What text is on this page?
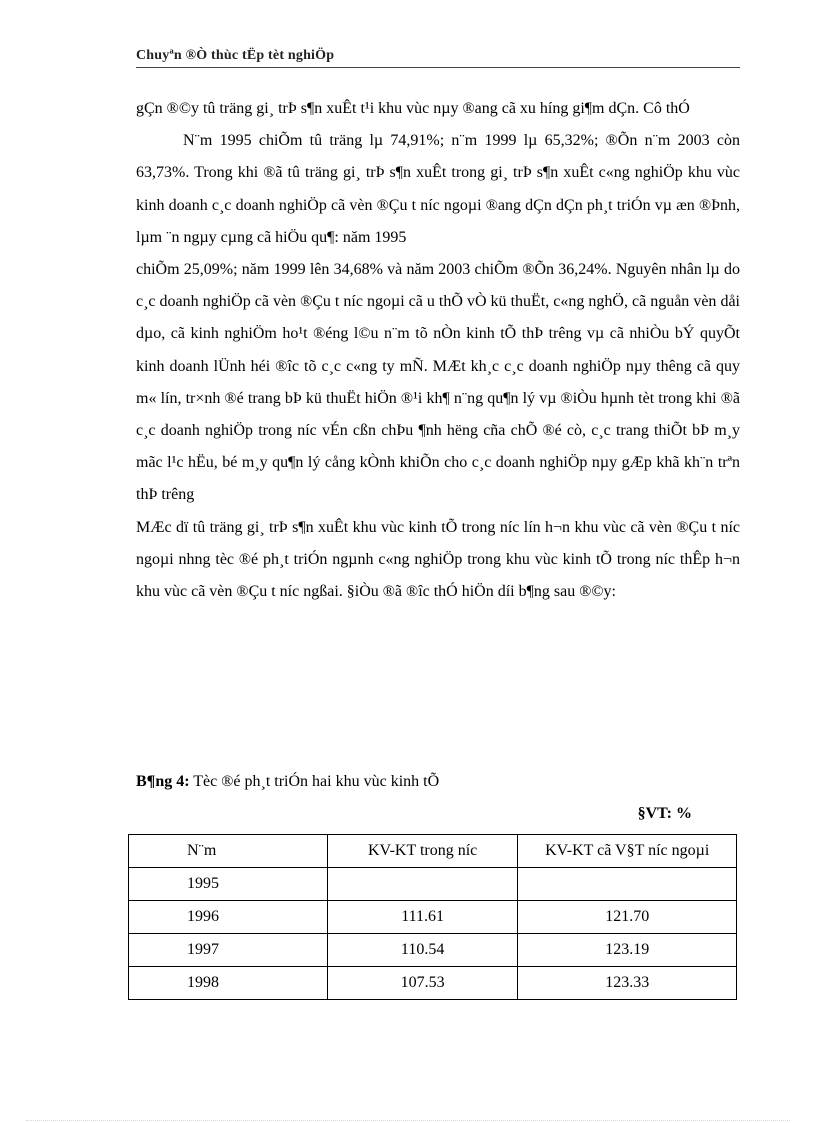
Chuyªn ®Ò thùc tËp tèt nghiÖp

gÇn ®©y tû träng gi¸ trÞ s¶n xuÊt t¹i khu vùc nµy ®ang cã xu híng gi¶m dÇn. Cô thÓ

N¨m 1995 chiÕm tû träng lµ 74,91%; n¨m 1999 lµ 65,32%; ®Õn n¨m 2003 còn 63,73%. Trong khi ®ã tû träng gi¸ trÞ s¶n xuÊt trong gi¸ trÞ s¶n xuÊt c«ng nghiÖp khu vùc kinh doanh c¸c doanh nghiÖp cã vèn ®Çu t níc ngoµi ®ang dÇn dÇn ph¸t triÓn vµ æn ®Þnh, lµm ¨n ngµy cµng cã hiÖu qu¶: năm 1995

chiÕm 25,09%; năm 1999 lên 34,68% và năm 2003 chiÕm ®Õn 36,24%. Nguyên nhân lµ do c¸c doanh nghiÖp cã vèn ®Çu t níc ngoµi cã u thÕ vÒ kü thuËt, c«ng nghÖ, cã nguån vèn dåi dµo, cã kinh nghiÖm ho¹t ®éng l©u n¨m tõ nÒn kinh tÕ thÞ trêng vµ cã nhiÒu bÝ quyÕt kinh doanh lÜnh héi ®îc tõ c¸c c«ng ty mÑ. MÆt kh¸c c¸c doanh nghiÖp nµy thêng cã quy m« lín, tr×nh ®é trang bÞ kü thuËt hiÖn ®¹i kh¶ n¨ng qu¶n lý vµ ®iÒu hµnh tèt trong khi ®ã c¸c doanh nghiÖp trong níc vÉn cßn chÞu ¶nh hëng cña chÕ ®é cò, c¸c trang thiÕt bÞ m¸y mãc l¹c hËu, bé m¸y qu¶n lý cång kÒnh khiÕn cho c¸c doanh nghiÖp nµy gÆp khã kh¨n trªn thÞ trêng

MÆc dï tû träng gi¸ trÞ s¶n xuÊt khu vùc kinh tÕ trong níc lín h¬n khu vùc cã vèn ®Çu t níc ngoµi nhng tèc ®é ph¸t triÓn ngµnh c«ng nghiÖp trong khu vùc kinh tÕ trong níc thÊp h¬n khu vùc cã vèn ®Çu t níc ngßai. §iÒu ®ã ®îc thÓ hiÖn díi b¶ng sau ®©y:

B¶ng 4: Tèc ®é ph¸t triÓn hai khu vùc kinh tÕ
§VT: %
N¨m	KV-KT trong níc	KV-KT cã V§T níc ngoµi
1995		
1996	111.61	121.70
1997	110.54	123.19
1998	107.53	123.33
